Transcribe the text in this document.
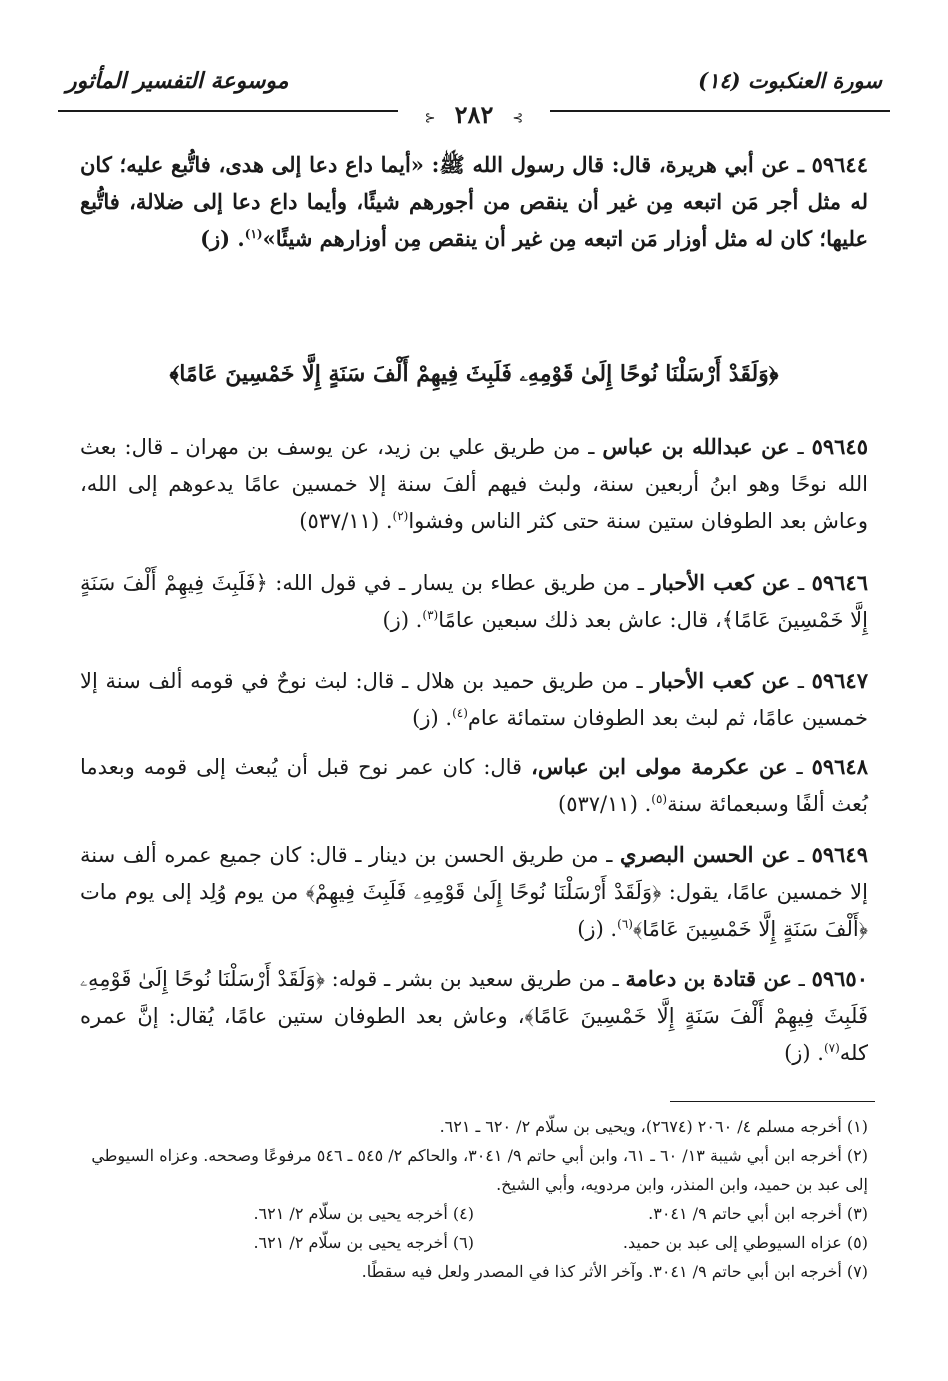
سورة العنكبوت (١٤)
موسوعة التفسير المأثور
⊱ ٢٨٢ ⊰
٥٩٦٤٤ ـ عن أبي هريرة، قال: قال رسول الله ﷺ: «أيما داع دعا إلى هدى، فاتُّبع عليه؛ كان له مثل أجر مَن اتبعه مِن غير أن ينقص من أجورهم شيئًا، وأيما داع دعا إلى ضلالة، فاتُّبع عليها؛ كان له مثل أوزار مَن اتبعه مِن غير أن ينقص مِن أوزارهم شيئًا»$^{(١)}$. (ز)
﴿وَلَقَدْ أَرْسَلْنَا نُوحًا إِلَىٰ قَوْمِهِۦ فَلَبِثَ فِيهِمْ أَلْفَ سَنَةٍ إِلَّا خَمْسِينَ عَامًا﴾
٥٩٦٤٥ ـ عن عبدالله بن عباس ـ من طريق علي بن زيد، عن يوسف بن مهران ـ قال: بعث الله نوحًا وهو ابنُ أربعين سنة، ولبث فيهم ألفَ سنة إلا خمسين عامًا يدعوهم إلى الله، وعاش بعد الطوفان ستين سنة حتى كثر الناس وفشوا$^{(٢)}$. (٥٣٧/١١)
٥٩٦٤٦ ـ عن كعب الأحبار ـ من طريق عطاء بن يسار ـ في قول الله: ﴿فَلَبِثَ فِيهِمْ أَلْفَ سَنَةٍ إِلَّا خَمْسِينَ عَامًا﴾، قال: عاش بعد ذلك سبعين عامًا$^{(٣)}$. (ز)
٥٩٦٤٧ ـ عن كعب الأحبار ـ من طريق حميد بن هلال ـ قال: لبث نوحٌ في قومه ألف سنة إلا خمسين عامًا، ثم لبث بعد الطوفان ستمائة عام$^{(٤)}$. (ز)
٥٩٦٤٨ ـ عن عكرمة مولى ابن عباس، قال: كان عمر نوح قبل أن يُبعث إلى قومه وبعدما بُعث ألفًا وسبعمائة سنة$^{(٥)}$. (٥٣٧/١١)
٥٩٦٤٩ ـ عن الحسن البصري ـ من طريق الحسن بن دينار ـ قال: كان جميع عمره ألف سنة إلا خمسين عامًا، يقول: ﴿وَلَقَدْ أَرْسَلْنَا نُوحًا إِلَىٰ قَوْمِهِۦ فَلَبِثَ فِيهِمْ﴾ من يوم وُلِد إلى يوم مات ﴿أَلْفَ سَنَةٍ إِلَّا خَمْسِينَ عَامًا﴾$^{(٦)}$. (ز)
٥٩٦٥٠ ـ عن قتادة بن دعامة ـ من طريق سعيد بن بشر ـ قوله: ﴿وَلَقَدْ أَرْسَلْنَا نُوحًا إِلَىٰ قَوْمِهِۦ فَلَبِثَ فِيهِمْ أَلْفَ سَنَةٍ إِلَّا خَمْسِينَ عَامًا﴾، وعاش بعد الطوفان ستين عامًا، يُقال: إنَّ عمره كله$^{(٧)}$. (ز)
(١) أخرجه مسلم ٤/ ٢٠٦٠ (٢٦٧٤)، ويحيى بن سلّام ٢/ ٦٢٠ ـ ٦٢١.
(٢) أخرجه ابن أبي شيبة ١٣/ ٦٠ ـ ٦١، وابن أبي حاتم ٩/ ٣٠٤١، والحاكم ٢/ ٥٤٥ ـ ٥٤٦ مرفوعًا وصححه. وعزاه السيوطي إلى عبد بن حميد، وابن المنذر، وابن مردويه، وأبي الشيخ.
(٣) أخرجه ابن أبي حاتم ٩/ ٣٠٤١.
(٤) أخرجه يحيى بن سلّام ٢/ ٦٢١.
(٥) عزاه السيوطي إلى عبد بن حميد.
(٦) أخرجه يحيى بن سلّام ٢/ ٦٢١.
(٧) أخرجه ابن أبي حاتم ٩/ ٣٠٤١. وآخر الأثر كذا في المصدر ولعل فيه سقطًا.
